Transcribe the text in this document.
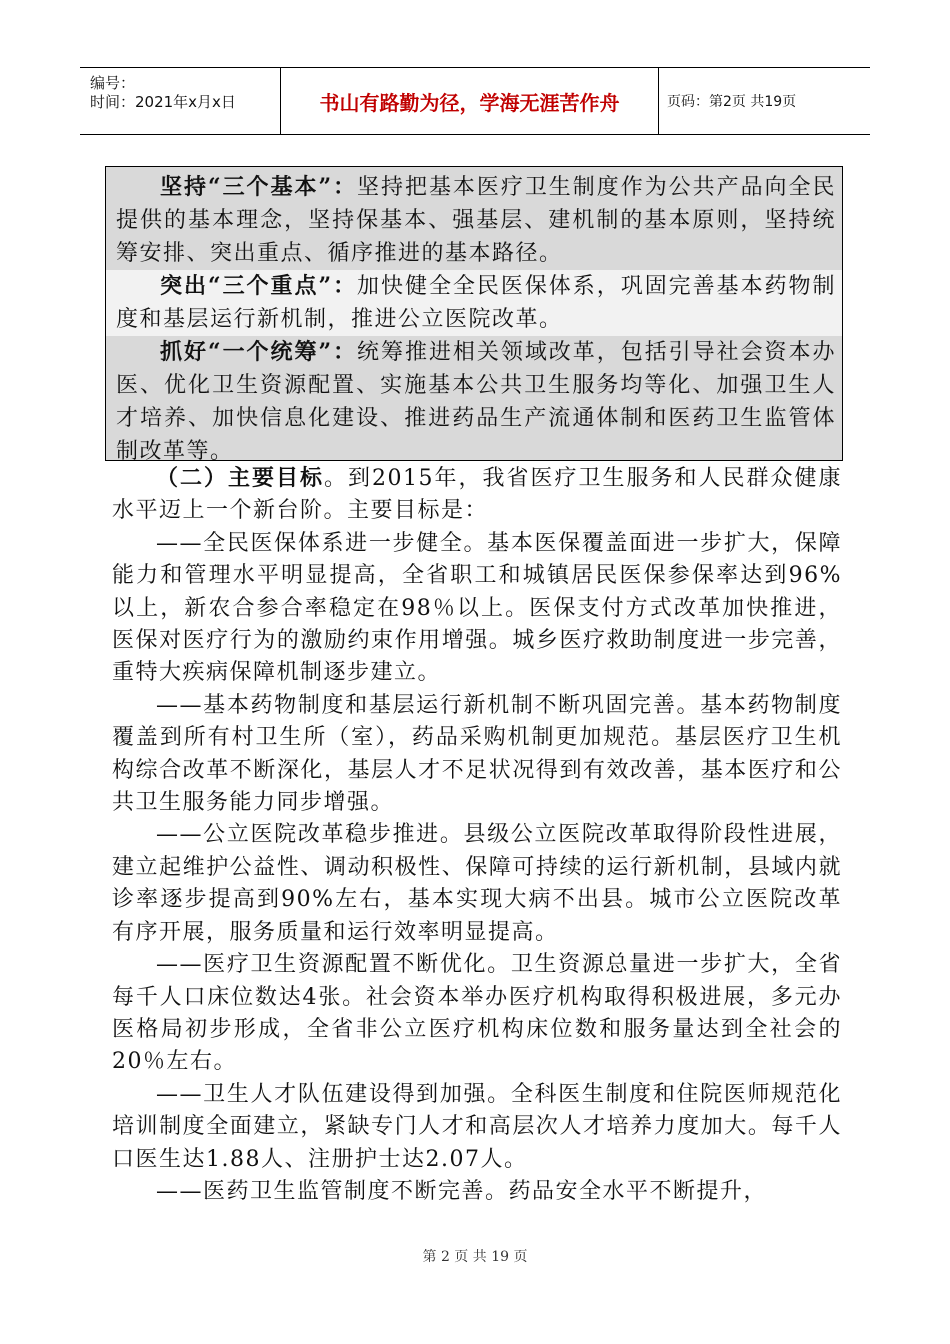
编号：
时间：2021年x月x日	书山有路勤为径，学海无涯苦作舟	页码：第2页 共19页

坚持“三个基本”：坚持把基本医疗卫生制度作为公共产品向全民提供的基本理念，坚持保基本、强基层、建机制的基本原则，坚持统筹安排、突出重点、循序推进的基本路径。

突出“三个重点”：加快健全全民医保体系，巩固完善基本药物制度和基层运行新机制，推进公立医院改革。

抓好“一个统筹”：统筹推进相关领域改革，包括引导社会资本办医、优化卫生资源配置、实施基本公共卫生服务均等化、加强卫生人才培养、加快信息化建设、推进药品生产流通体制和医药卫生监管体制改革等。

（二）主要目标。到2015年，我省医疗卫生服务和人民群众健康水平迈上一个新台阶。主要目标是：

——全民医保体系进一步健全。基本医保覆盖面进一步扩大，保障能力和管理水平明显提高，全省职工和城镇居民医保参保率达到96%以上，新农合参合率稳定在98％以上。医保支付方式改革加快推进，医保对医疗行为的激励约束作用增强。城乡医疗救助制度进一步完善，重特大疾病保障机制逐步建立。

——基本药物制度和基层运行新机制不断巩固完善。基本药物制度覆盖到所有村卫生所（室），药品采购机制更加规范。基层医疗卫生机构综合改革不断深化，基层人才不足状况得到有效改善，基本医疗和公共卫生服务能力同步增强。

——公立医院改革稳步推进。县级公立医院改革取得阶段性进展，建立起维护公益性、调动积极性、保障可持续的运行新机制，县域内就诊率逐步提高到90%左右，基本实现大病不出县。城市公立医院改革有序开展，服务质量和运行效率明显提高。

——医疗卫生资源配置不断优化。卫生资源总量进一步扩大，全省每千人口床位数达4张。社会资本举办医疗机构取得积极进展，多元办医格局初步形成，全省非公立医疗机构床位数和服务量达到全社会的20％左右。

——卫生人才队伍建设得到加强。全科医生制度和住院医师规范化培训制度全面建立，紧缺专门人才和高层次人才培养力度加大。每千人口医生达1.88人、注册护士达2.07人。

——医药卫生监管制度不断完善。药品安全水平不断提升，

第 2 页 共 19 页
